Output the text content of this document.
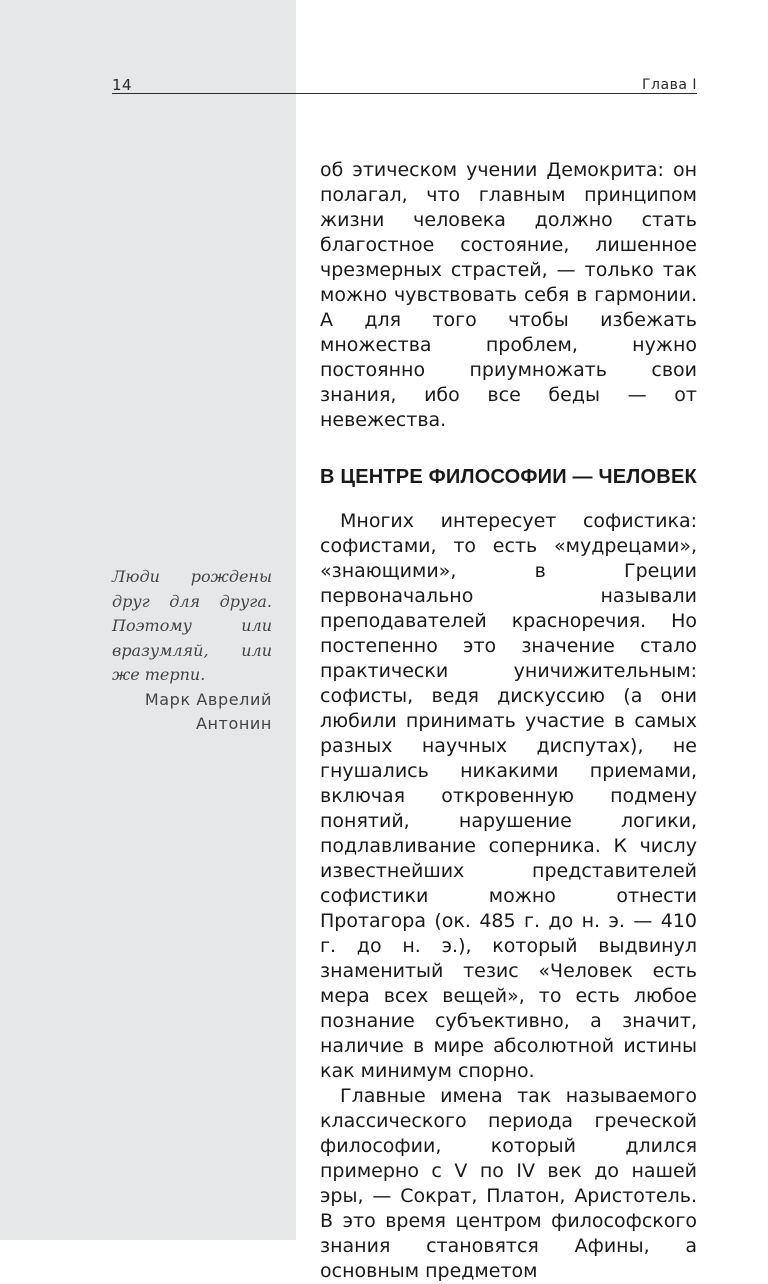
14	Глава I

об этическом учении Демокрита: он полагал, что главным принципом жизни человека должно стать благостное состояние, лишенное чрезмерных страстей, — только так можно чувствовать себя в гармонии. А для того чтобы избежать множества проблем, нужно постоянно приумножать свои знания, ибо все беды — от невежества.

В ЦЕНТРЕ ФИЛОСОФИИ — ЧЕЛОВЕК

Многих интересует софистика: софистами, то есть «мудрецами», «знающими», в Греции первоначально называли преподавателей красноречия. Но постепенно это значение стало практически уничижительным: софисты, ведя дискуссию (а они любили принимать участие в самых разных научных диспутах), не гнушались никакими приемами, включая откровенную подмену понятий, нарушение логики, подлавливание соперника. К числу известнейших представителей софистики можно отнести Протагора (ок. 485 г. до н. э. — 410 г. до н. э.), который выдвинул знаменитый тезис «Человек есть мера всех вещей», то есть любое познание субъективно, а значит, наличие в мире абсолютной истины как минимум спорно.

Главные имена так называемого классического периода греческой философии, который длился примерно с V по IV век до нашей эры, — Сократ, Платон, Аристотель. В это время центром философского знания становятся Афины, а основным предметом

Люди рождены друг для друга. Поэтому или вразумляй, или же терпи.
Марк Аврелий
Антонин
